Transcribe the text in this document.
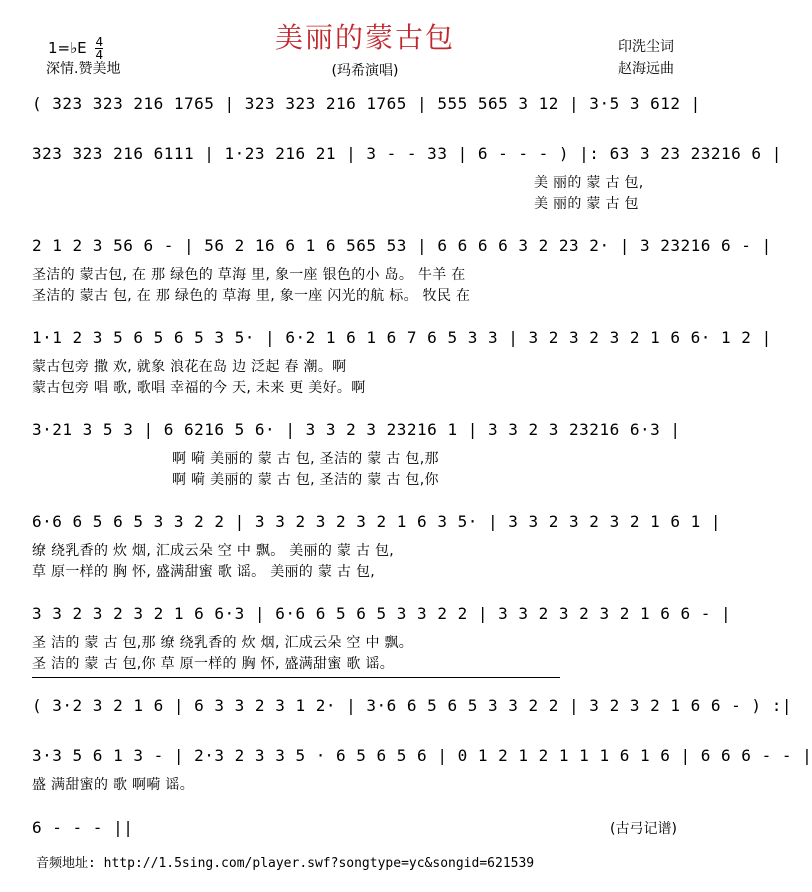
美丽的蒙古包
(玛希演唱)
1=♭E $\frac{4}{4}$
深情.赞美地
印洗尘词
赵海远曲
( 323 323 216 1765 | 323 323 216 1765 | 555 565 3 12 | 3·5 3 612 |
323 323 216 6111 | 1·23 216 21 | 3 - - 33 | 6 - - - ) |: 63 3 23 23216 6 |
美 丽的 蒙 古 包,
美 丽的 蒙 古 包
2 1 2 3 56 6 - | 56 2 16 6 1 6 565 53 | 6 6 6 6 3 2 23 2· | 3 23216 6 - |
圣洁的 蒙古包, 在 那 绿色的 草海 里, 象一座 银色的小 岛。 牛羊 在
圣洁的 蒙古 包, 在 那 绿色的 草海 里, 象一座 闪光的航 标。 牧民 在
1·1 2 3 5 6 5 6 5 3 5· | 6·2 1 6 1 6 7 6 5 3 3 | 3 2 3 2 3 2 1 6 6· 1 2 |
蒙古包旁 撒 欢, 就象 浪花在岛 边 泛起 春 潮。啊
蒙古包旁 唱 歌, 歌唱 幸福的今 天, 未来 更 美好。啊
3·21 3 5 3 | 6 6216 5 6· | 3 3 2 3 23216 1 | 3 3 2 3 23216 6·3 |
啊 嗬 美丽的 蒙 古 包, 圣洁的 蒙 古 包,那
啊 嗬 美丽的 蒙 古 包, 圣洁的 蒙 古 包,你
6·6 6 5 6 5 3 3 2 2 | 3 3 2 3 2 3 2 1 6 3 5· | 3 3 2 3 2 3 2 1 6 1 |
缭 绕乳香的 炊 烟, 汇成云朵 空 中 飘。 美丽的 蒙 古 包,
草 原一样的 胸 怀, 盛满甜蜜 歌 谣。 美丽的 蒙 古 包,
3 3 2 3 2 3 2 1 6 6·3 | 6·6 6 5 6 5 3 3 2 2 | 3 3 2 3 2 3 2 1 6 6 - |
圣 洁的 蒙 古 包,那 缭 绕乳香的 炊 烟, 汇成云朵 空 中 飘。
圣 洁的 蒙 古 包,你 草 原一样的 胸 怀, 盛满甜蜜 歌 谣。
( 3·2 3 2 1 6 | 6 3 3 2 3 1 2· | 3·6 6 5 6 5 3 3 2 2 | 3 2 3 2 1 6 6 - ) :|
3·3 5 6 1 3 - | 2·3 2 3 3 5 · 6 5 6 5 6 | 0 1 2 1 2 1 1 1 6 1 6 | 6 6 6 - - |
盛 满甜蜜的 歌 啊嗬 谣。
6 - - - ||	(古弓记谱)
音频地址: http://1.5sing.com/player.swf?songtype=yc&songid=621539
